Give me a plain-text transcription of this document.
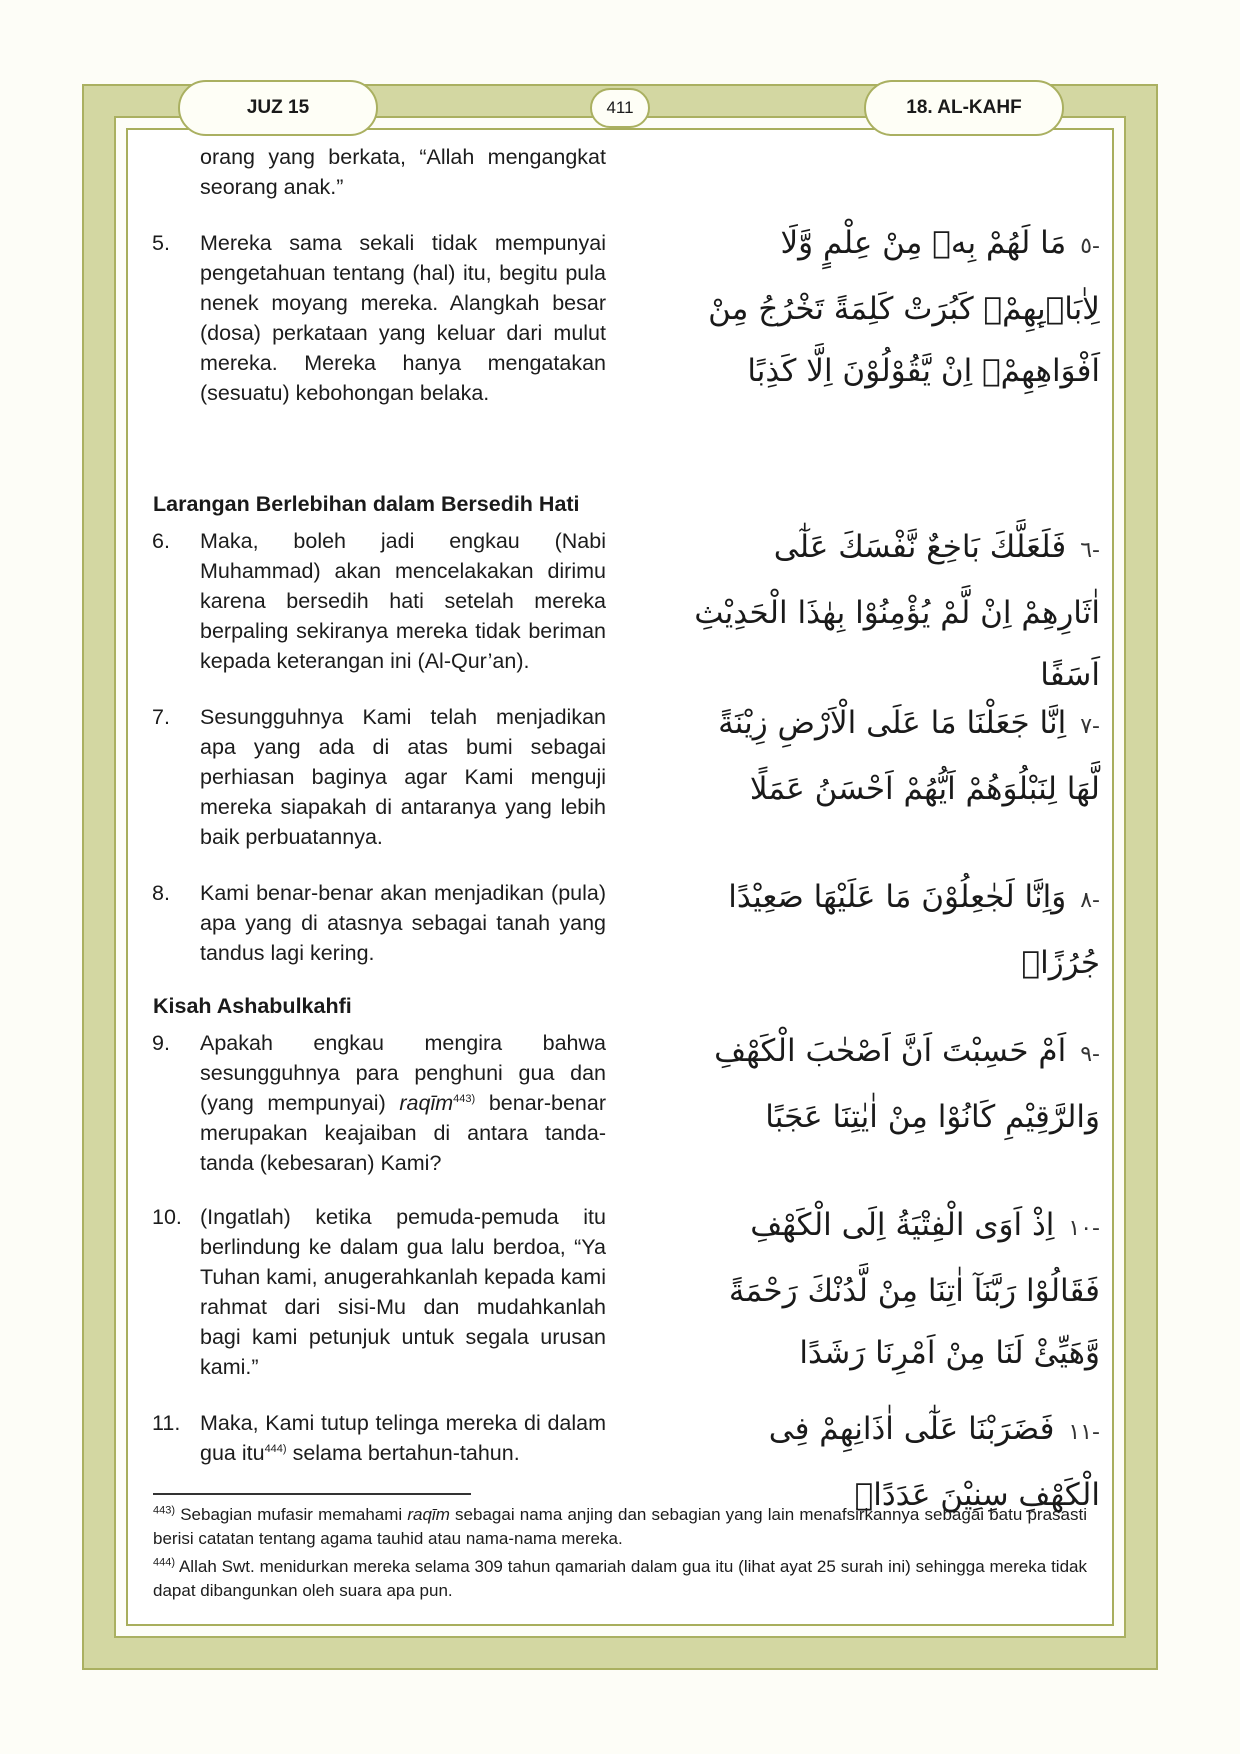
JUZ 15	411	18. AL-KAHF
orang yang berkata, “Allah mengangkat seorang anak.”
5.	Mereka sama sekali tidak mempunyai pengetahuan tentang (hal) itu, begitu pula nenek moyang mereka. Alangkah besar (dosa) perkataan yang keluar dari mulut mereka. Mereka hanya mengatakan (sesuatu) kebohongan belaka.
-٥مَا لَهُمْ بِهٖ مِنْ عِلْمٍ وَّلَا لِاٰبَاۤىِٕهِمْۗ كَبُرَتْ كَلِمَةً تَخْرُجُ مِنْ اَفْوَاهِهِمْۗ اِنْ يَّقُوْلُوْنَ اِلَّا كَذِبًا
Larangan Berlebihan dalam Bersedih Hati
6.	Maka, boleh jadi engkau (Nabi Muhammad) akan mencelakakan dirimu karena bersedih hati setelah mereka berpaling sekiranya mereka tidak beriman kepada keterangan ini (Al-Qur’an).
-٦فَلَعَلَّكَ بَاخِعٌ نَّفْسَكَ عَلٰٓى اٰثَارِهِمْ اِنْ لَّمْ يُؤْمِنُوْا بِهٰذَا الْحَدِيْثِ اَسَفًا
7.	Sesungguhnya Kami telah menjadikan apa yang ada di atas bumi sebagai perhiasan baginya agar Kami menguji mereka siapakah di antaranya yang lebih baik perbuatannya.
-٧اِنَّا جَعَلْنَا مَا عَلَى الْاَرْضِ زِيْنَةً لَّهَا لِنَبْلُوَهُمْ اَيُّهُمْ اَحْسَنُ عَمَلًا
8.	Kami benar-benar akan menjadikan (pula) apa yang di atasnya sebagai tanah yang tandus lagi kering.
-٨وَاِنَّا لَجٰعِلُوْنَ مَا عَلَيْهَا صَعِيْدًا جُرُزًاۗ
Kisah Ashabulkahfi
9.	Apakah engkau mengira bahwa sesungguhnya para penghuni gua dan (yang mempunyai) raqīm$^{443)}$ benar-benar merupakan keajaiban di antara tanda-tanda (kebesaran) Kami?
-٩اَمْ حَسِبْتَ اَنَّ اَصْحٰبَ الْكَهْفِ وَالرَّقِيْمِ كَانُوْا مِنْ اٰيٰتِنَا عَجَبًا
10. (Ingatlah) ketika pemuda-pemuda itu berlindung ke dalam gua lalu berdoa, “Ya Tuhan kami, anugerahkanlah kepada kami rahmat dari sisi-Mu dan mudahkanlah bagi kami petunjuk untuk segala urusan kami.”
-١٠اِذْ اَوَى الْفِتْيَةُ اِلَى الْكَهْفِ فَقَالُوْا رَبَّنَآ اٰتِنَا مِنْ لَّدُنْكَ رَحْمَةً وَّهَيِّئْ لَنَا مِنْ اَمْرِنَا رَشَدًا
11. Maka, Kami tutup telinga mereka di dalam gua itu$^{444)}$ selama bertahun-tahun.
-١١فَضَرَبْنَا عَلٰٓى اٰذَانِهِمْ فِى الْكَهْفِ سِنِيْنَ عَدَدًاۙ

$^{443)}$ Sebagian mufasir memahami raqīm sebagai nama anjing dan sebagian yang lain menafsirkannya sebagai batu prasasti berisi catatan tentang agama tauhid atau nama-nama mereka.

$^{444)}$ Allah Swt. menidurkan mereka selama 309 tahun qamariah dalam gua itu (lihat ayat 25 surah ini) sehingga mereka tidak dapat dibangunkan oleh suara apa pun.
